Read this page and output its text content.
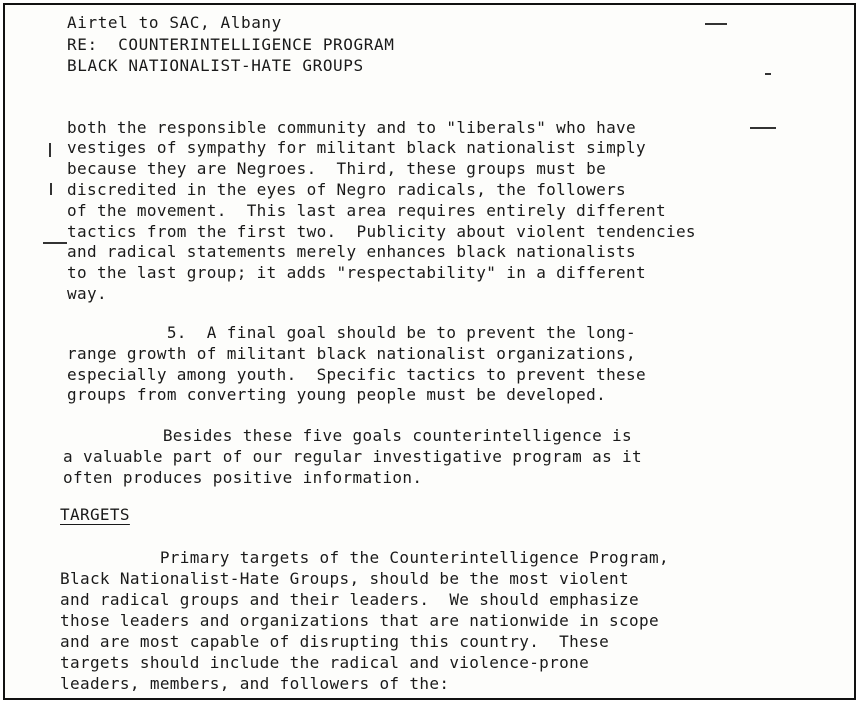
Airtel to SAC, Albany
RE:  COUNTERINTELLIGENCE PROGRAM
BLACK NATIONALIST-HATE GROUPS
both the responsible community and to "liberals" who have
vestiges of sympathy for militant black nationalist simply
because they are Negroes.  Third, these groups must be
discredited in the eyes of Negro radicals, the followers
of the movement.  This last area requires entirely different
tactics from the first two.  Publicity about violent tendencies
and radical statements merely enhances black nationalists
to the last group; it adds "respectability" in a different
way.
5.  A final goal should be to prevent the long-
range growth of militant black nationalist organizations,
especially among youth.  Specific tactics to prevent these
groups from converting young people must be developed.
Besides these five goals counterintelligence is
a valuable part of our regular investigative program as it
often produces positive information.
TARGETS
Primary targets of the Counterintelligence Program,
Black Nationalist-Hate Groups, should be the most violent
and radical groups and their leaders.  We should emphasize
those leaders and organizations that are nationwide in scope
and are most capable of disrupting this country.  These
targets should include the radical and violence-prone
leaders, members, and followers of the:
